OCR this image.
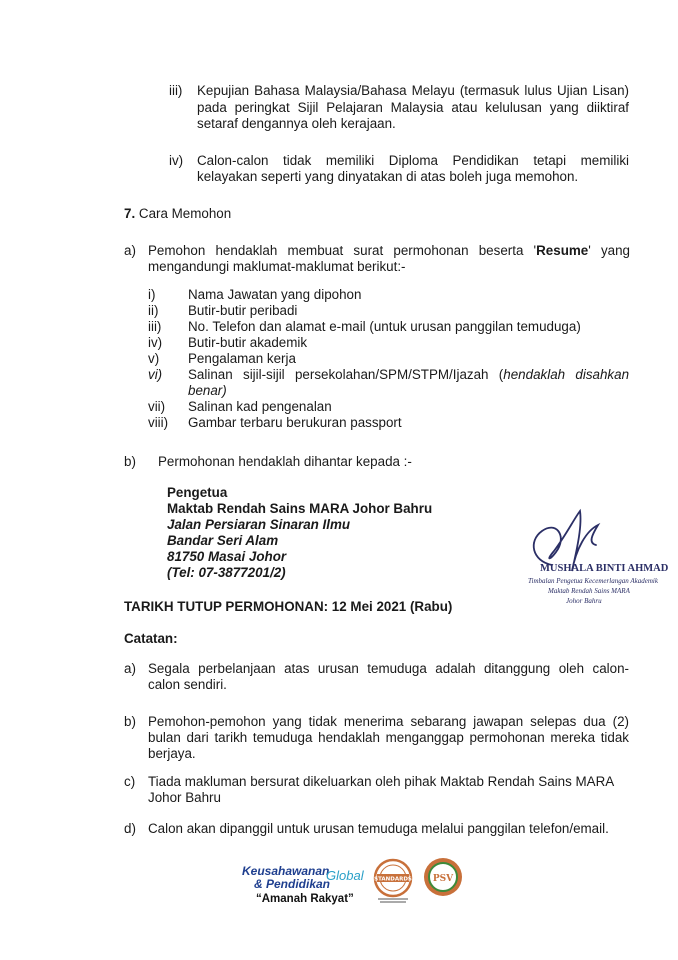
iii) Kepujian Bahasa Malaysia/Bahasa Melayu (termasuk lulus Ujian Lisan)
pada peringkat Sijil Pelajaran Malaysia atau kelulusan yang diiktiraf
setaraf dengannya oleh kerajaan.
iv) Calon-calon tidak memiliki Diploma Pendidikan tetapi memiliki
kelayakan seperti yang dinyatakan di atas boleh juga memohon.
7. Cara Memohon
a) Pemohon hendaklah membuat surat permohonan beserta 'Resume' yang
mengandungi maklumat-maklumat berikut:-
i) Nama Jawatan yang dipohon
ii) Butir-butir peribadi
iii) No. Telefon dan alamat e-mail (untuk urusan panggilan temuduga)
iv) Butir-butir akademik
v) Pengalaman kerja
vi) Salinan sijil-sijil persekolahan/SPM/STPM/Ijazah (hendaklah disahkan
benar)
vii) Salinan kad pengenalan
viii) Gambar terbaru berukuran passport
b) Permohonan hendaklah dihantar kepada :-
Pengetua
Maktab Rendah Sains MARA Johor Bahru
Jalan Persiaran Sinaran Ilmu
Bandar Seri Alam
81750 Masai Johor
(Tel: 07-3877201/2)	MUSHALA BINTI AHMAD
Timbalan Pengetua Kecemerlangan Akademik
Maktab Rendah Sains MARA
Johor Bahru
TARIKH TUTUP PERMOHONAN: 12 Mei 2021 (Rabu)
Catatan:
a) Segala perbelanjaan atas urusan temuduga adalah ditanggung oleh calon-
calon sendiri.
b) Pemohon-pemohon yang tidak menerima sebarang jawapan selepas dua (2)
bulan dari tarikh temuduga hendaklah menganggap permohonan mereka tidak
berjaya.
c) Tiada makluman bersurat dikeluarkan oleh pihak Maktab Rendah Sains MARA
Johor Bahru
d) Calon akan dipanggil untuk urusan temuduga melalui panggilan telefon/email.
Keusahawanan
& Pendidikan
Global
“Amanah Rakyat”
STANDARDS PSV
